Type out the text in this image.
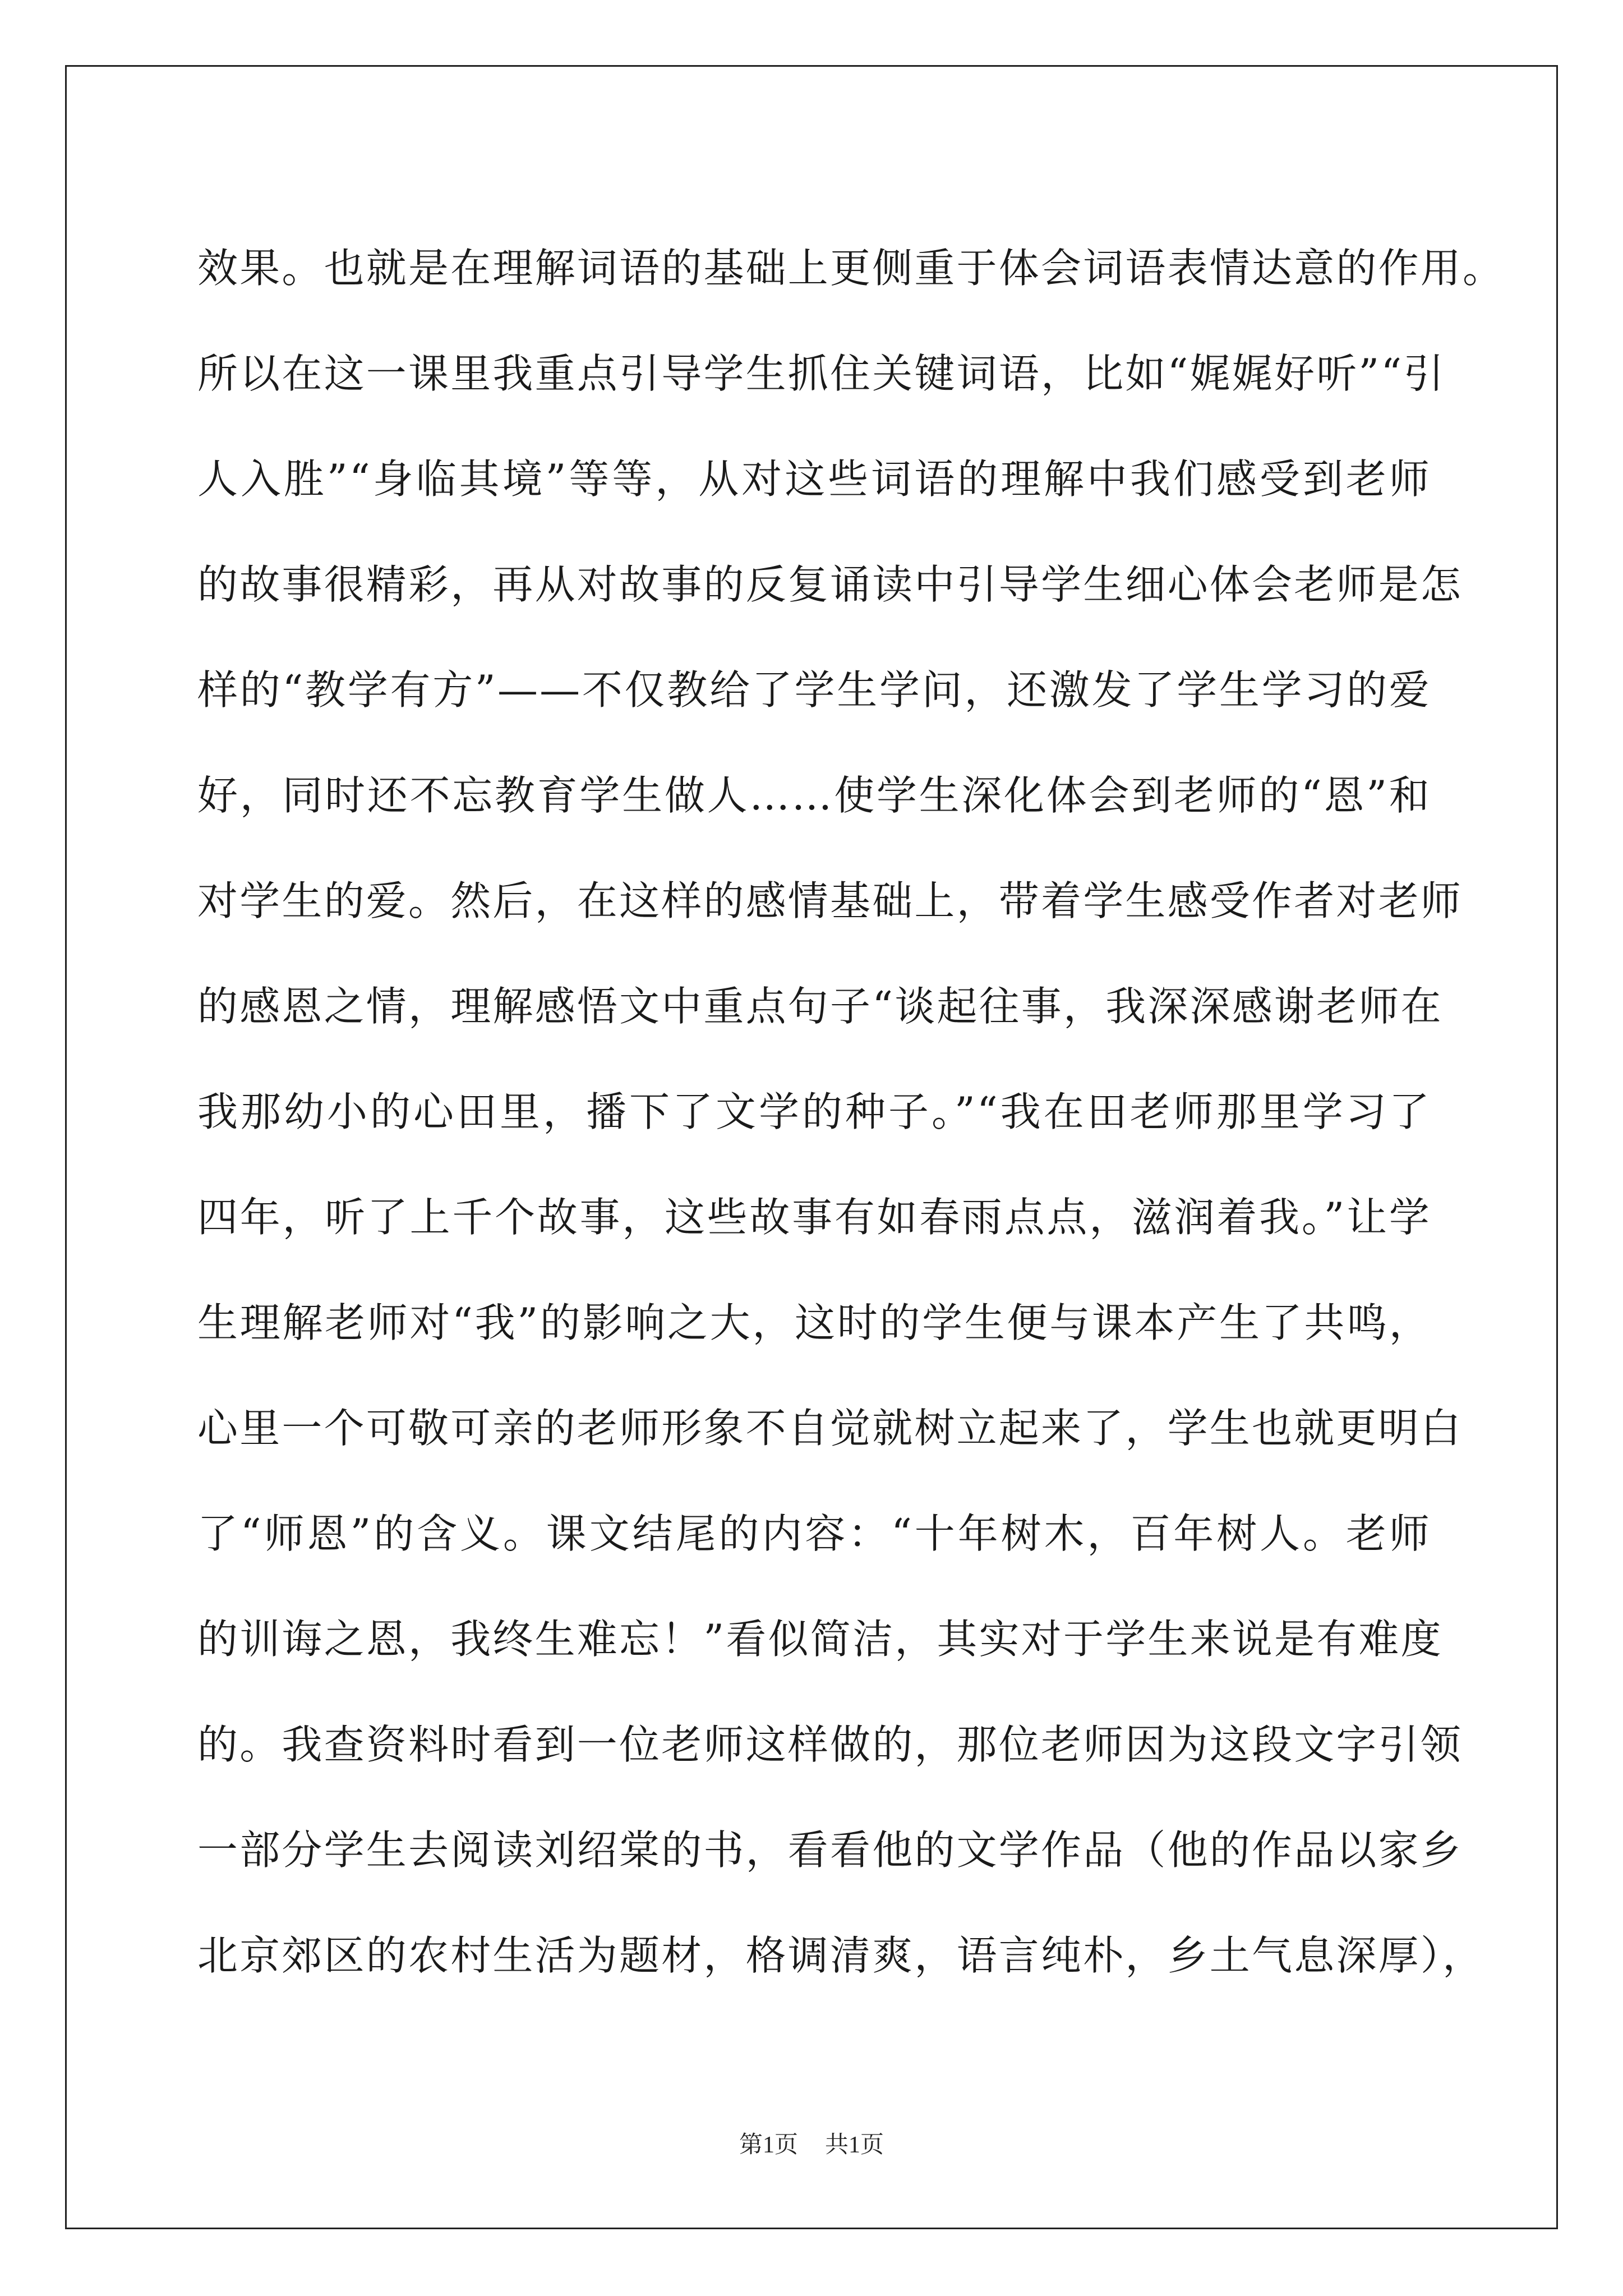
效果。也就是在理解词语的基础上更侧重于体会词语表情达意的作用。
所以在这一课里我重点引导学生抓住关键词语，比如“娓娓好听”“引
人入胜”“身临其境”等等，从对这些词语的理解中我们感受到老师
的故事很精彩，再从对故事的反复诵读中引导学生细心体会老师是怎
样的“教学有方”——不仅教给了学生学问，还激发了学生学习的爱
好，同时还不忘教育学生做人……使学生深化体会到老师的“恩”和
对学生的爱。然后，在这样的感情基础上，带着学生感受作者对老师
的感恩之情，理解感悟文中重点句子“谈起往事，我深深感谢老师在
我那幼小的心田里，播下了文学的种子。”“我在田老师那里学习了
四年，听了上千个故事，这些故事有如春雨点点，滋润着我。”让学
生理解老师对“我”的影响之大，这时的学生便与课本产生了共鸣，
心里一个可敬可亲的老师形象不自觉就树立起来了，学生也就更明白
了“师恩”的含义。课文结尾的内容：“十年树木，百年树人。老师
的训诲之恩，我终生难忘！”看似简洁，其实对于学生来说是有难度
的。我查资料时看到一位老师这样做的，那位老师因为这段文字引领
一部分学生去阅读刘绍棠的书，看看他的文学作品（他的作品以家乡
北京郊区的农村生活为题材，格调清爽，语言纯朴，乡土气息深厚），
第1页 共1页
